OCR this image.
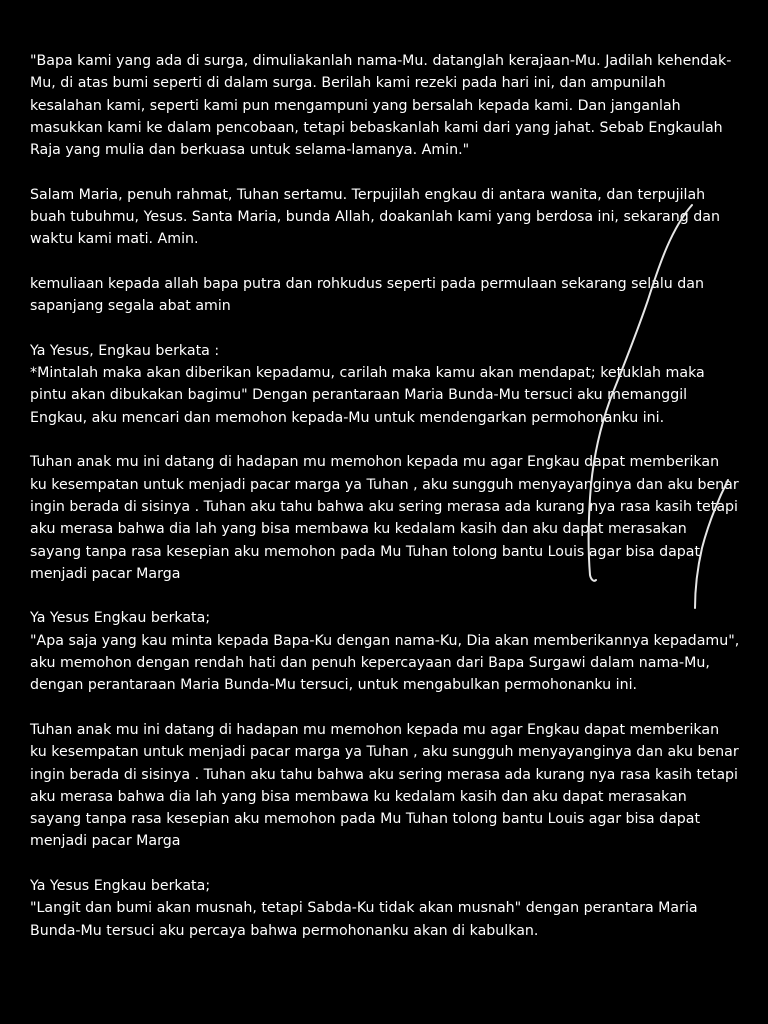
"Bapa kami yang ada di surga, dimuliakanlah nama-Mu. datanglah kerajaan-Mu. Jadilah kehendak-Mu, di atas bumi seperti di dalam surga. Berilah kami rezeki pada hari ini, dan ampunilah kesalahan kami, seperti kami pun mengampuni yang bersalah kepada kami. Dan janganlah masukkan kami ke dalam pencobaan, tetapi bebaskanlah kami dari yang jahat. Sebab Engkaulah Raja yang mulia dan berkuasa untuk selama-lamanya. Amin."

Salam Maria, penuh rahmat, Tuhan sertamu. Terpujilah engkau di antara wanita, dan terpujilah buah tubuhmu, Yesus. Santa Maria, bunda Allah, doakanlah kami yang berdosa ini, sekarang dan waktu kami mati. Amin.

kemuliaan kepada allah bapa putra dan rohkudus seperti pada permulaan sekarang selalu dan sapanjang segala abat amin

Ya Yesus, Engkau berkata :
*Mintalah maka akan diberikan kepadamu, carilah maka kamu akan mendapat; ketuklah maka pintu akan dibukakan bagimu" Dengan perantaraan Maria Bunda-Mu tersuci aku memanggil Engkau, aku mencari dan memohon kepada-Mu untuk mendengarkan permohonanku ini.

Tuhan anak mu ini datang di hadapan mu memohon kepada mu agar Engkau dapat memberikan ku kesempatan untuk menjadi pacar marga ya Tuhan , aku sungguh menyayanginya dan aku benar ingin berada di sisinya . Tuhan aku tahu bahwa aku sering merasa ada kurang nya rasa kasih tetapi aku merasa bahwa dia lah yang bisa membawa ku kedalam kasih dan aku dapat merasakan sayang tanpa rasa kesepian aku memohon pada Mu Tuhan tolong bantu Louis agar bisa dapat menjadi pacar Marga

Ya Yesus Engkau berkata;
"Apa saja yang kau minta kepada Bapa-Ku dengan nama-Ku, Dia akan memberikannya kepadamu", aku memohon dengan rendah hati dan penuh kepercayaan dari Bapa Surgawi dalam nama-Mu, dengan perantaraan Maria Bunda-Mu tersuci, untuk mengabulkan permohonanku ini.

Tuhan anak mu ini datang di hadapan mu memohon kepada mu agar Engkau dapat memberikan ku kesempatan untuk menjadi pacar marga ya Tuhan , aku sungguh menyayanginya dan aku benar ingin berada di sisinya . Tuhan aku tahu bahwa aku sering merasa ada kurang nya rasa kasih tetapi aku merasa bahwa dia lah yang bisa membawa ku kedalam kasih dan aku dapat merasakan sayang tanpa rasa kesepian aku memohon pada Mu Tuhan tolong bantu Louis agar bisa dapat menjadi pacar Marga

Ya Yesus Engkau berkata;
"Langit dan bumi akan musnah, tetapi Sabda-Ku tidak akan musnah" dengan perantara Maria Bunda-Mu tersuci aku percaya bahwa permohonanku akan di kabulkan.
